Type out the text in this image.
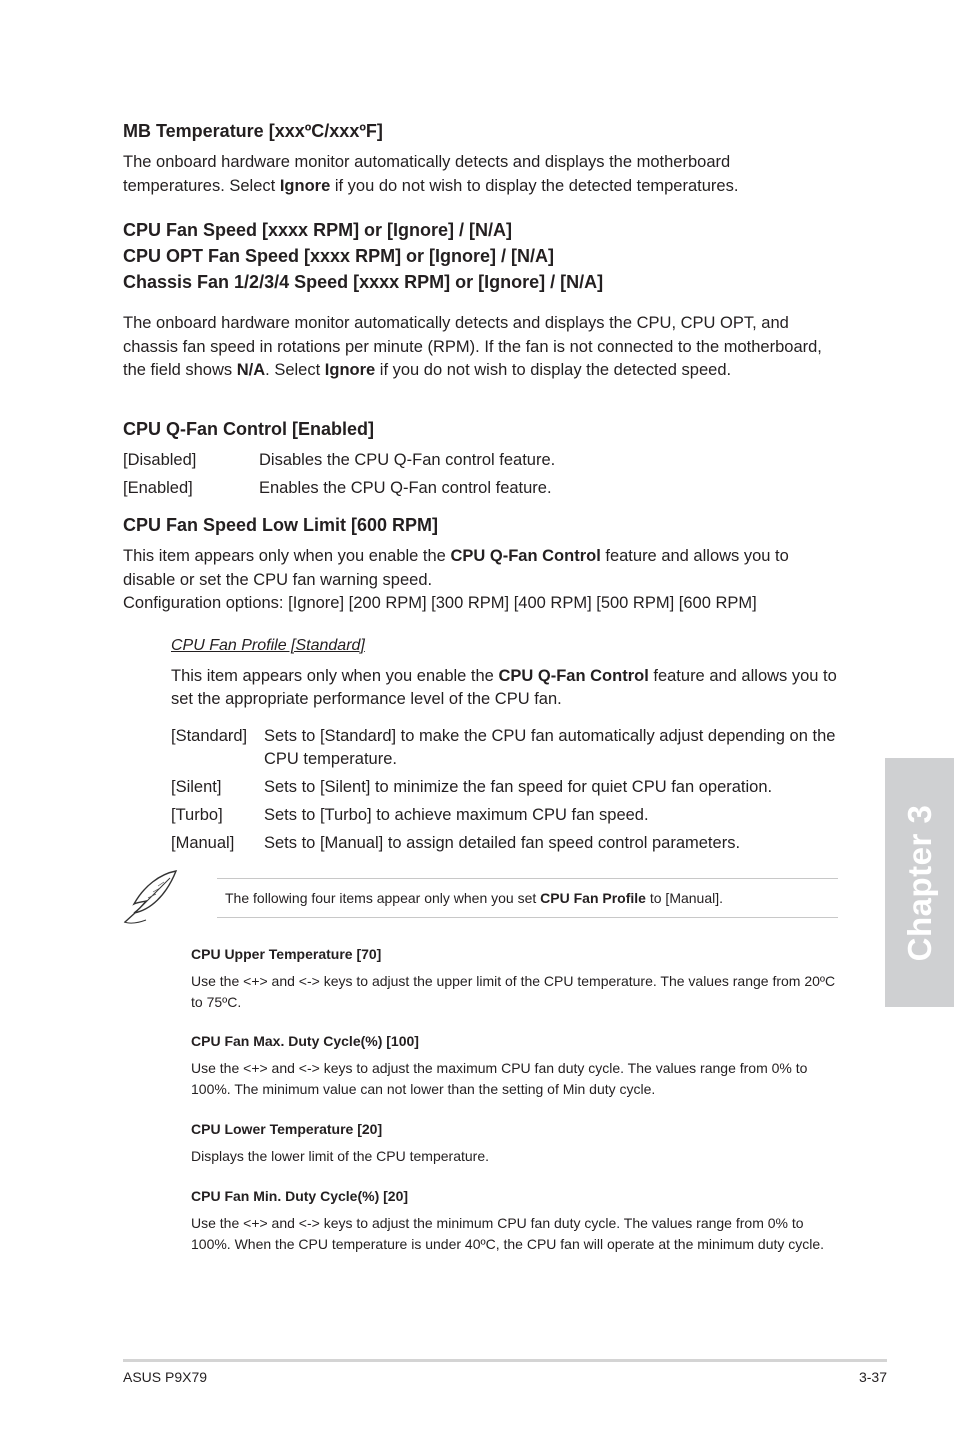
MB Temperature [xxxºC/xxxºF]

The onboard hardware monitor automatically detects and displays the motherboard temperatures. Select Ignore if you do not wish to display the detected temperatures.

CPU Fan Speed [xxxx RPM] or [Ignore] / [N/A]
CPU OPT Fan Speed [xxxx RPM] or [Ignore] / [N/A]
Chassis Fan 1/2/3/4 Speed [xxxx RPM] or [Ignore] / [N/A]

The onboard hardware monitor automatically detects and displays the CPU, CPU OPT, and chassis fan speed in rotations per minute (RPM). If the fan is not connected to the motherboard, the field shows N/A. Select Ignore if you do not wish to display the detected speed.

CPU Q-Fan Control [Enabled]
[Disabled]	Disables the CPU Q-Fan control feature.
[Enabled]	Enables the CPU Q-Fan control feature.
CPU Fan Speed Low Limit [600 RPM]

This item appears only when you enable the CPU Q-Fan Control feature and allows you to disable or set the CPU fan warning speed.

Configuration options: [Ignore] [200 RPM] [300 RPM] [400 RPM] [500 RPM] [600 RPM]

CPU Fan Profile [Standard]

This item appears only when you enable the CPU Q-Fan Control feature and allows you to set the appropriate performance level of the CPU fan.

[Standard]	Sets to [Standard] to make the CPU fan automatically adjust depending on the CPU temperature.
[Silent]	Sets to [Silent] to minimize the fan speed for quiet CPU fan operation.
[Turbo]	Sets to [Turbo] to achieve maximum CPU fan speed.
[Manual]	Sets to [Manual] to assign detailed fan speed control parameters.
The following four items appear only when you set CPU Fan Profile to [Manual].

CPU Upper Temperature [70]

Use the <+> and <-> keys to adjust the upper limit of the CPU temperature. The values range from 20ºC to 75ºC.

CPU Fan Max. Duty Cycle(%) [100]

Use the <+> and <-> keys to adjust the maximum CPU fan duty cycle. The values range from 0% to 100%. The minimum value can not lower than the setting of Min duty cycle.

CPU Lower Temperature [20]

Displays the lower limit of the CPU temperature.

CPU Fan Min. Duty Cycle(%) [20]

Use the <+> and <-> keys to adjust the minimum CPU fan duty cycle. The values range from 0% to 100%. When the CPU temperature is under 40ºC, the CPU fan will operate at the minimum duty cycle.

Chapter 3
ASUS P9X79	3-37
